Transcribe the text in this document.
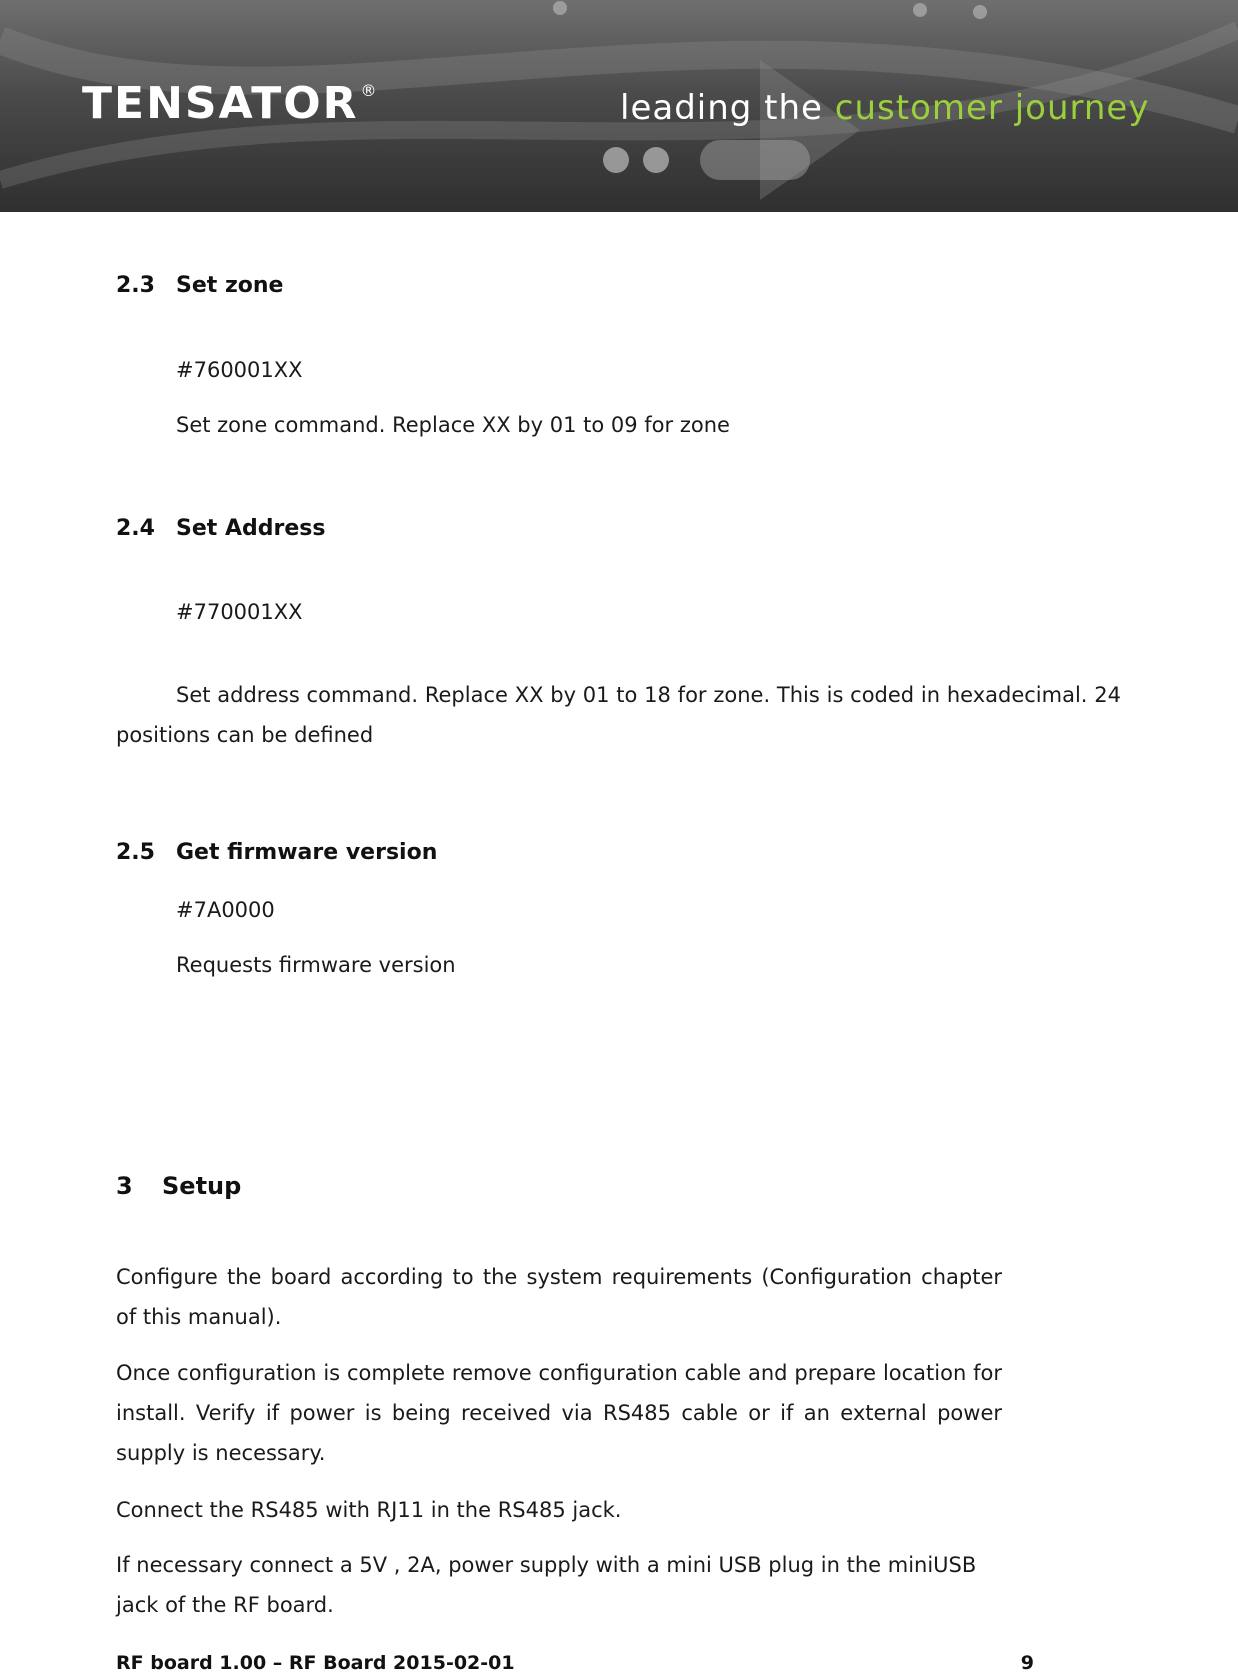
TENSATOR ®	leading the customer journey
2.3 Set zone
#760001XX
Set zone command. Replace XX by 01 to 09 for zone
2.4 Set Address
#770001XX
Set address command. Replace XX by 01 to 18 for zone. This is coded in hexadecimal. 24 positions can be defined
2.5 Get firmware version
#7A0000
Requests firmware version
3 Setup
Configure the board according to the system requirements (Configuration chapter of this manual).
Once configuration is complete remove configuration cable and prepare location for install. Verify if power is being received via RS485 cable or if an external power supply is necessary.
Connect the RS485 with RJ11 in the RS485 jack.
If necessary connect a 5V , 2A, power supply with a mini USB plug in the miniUSB jack of the RF board.
RF board 1.00 – RF Board 2015-02-01	9
